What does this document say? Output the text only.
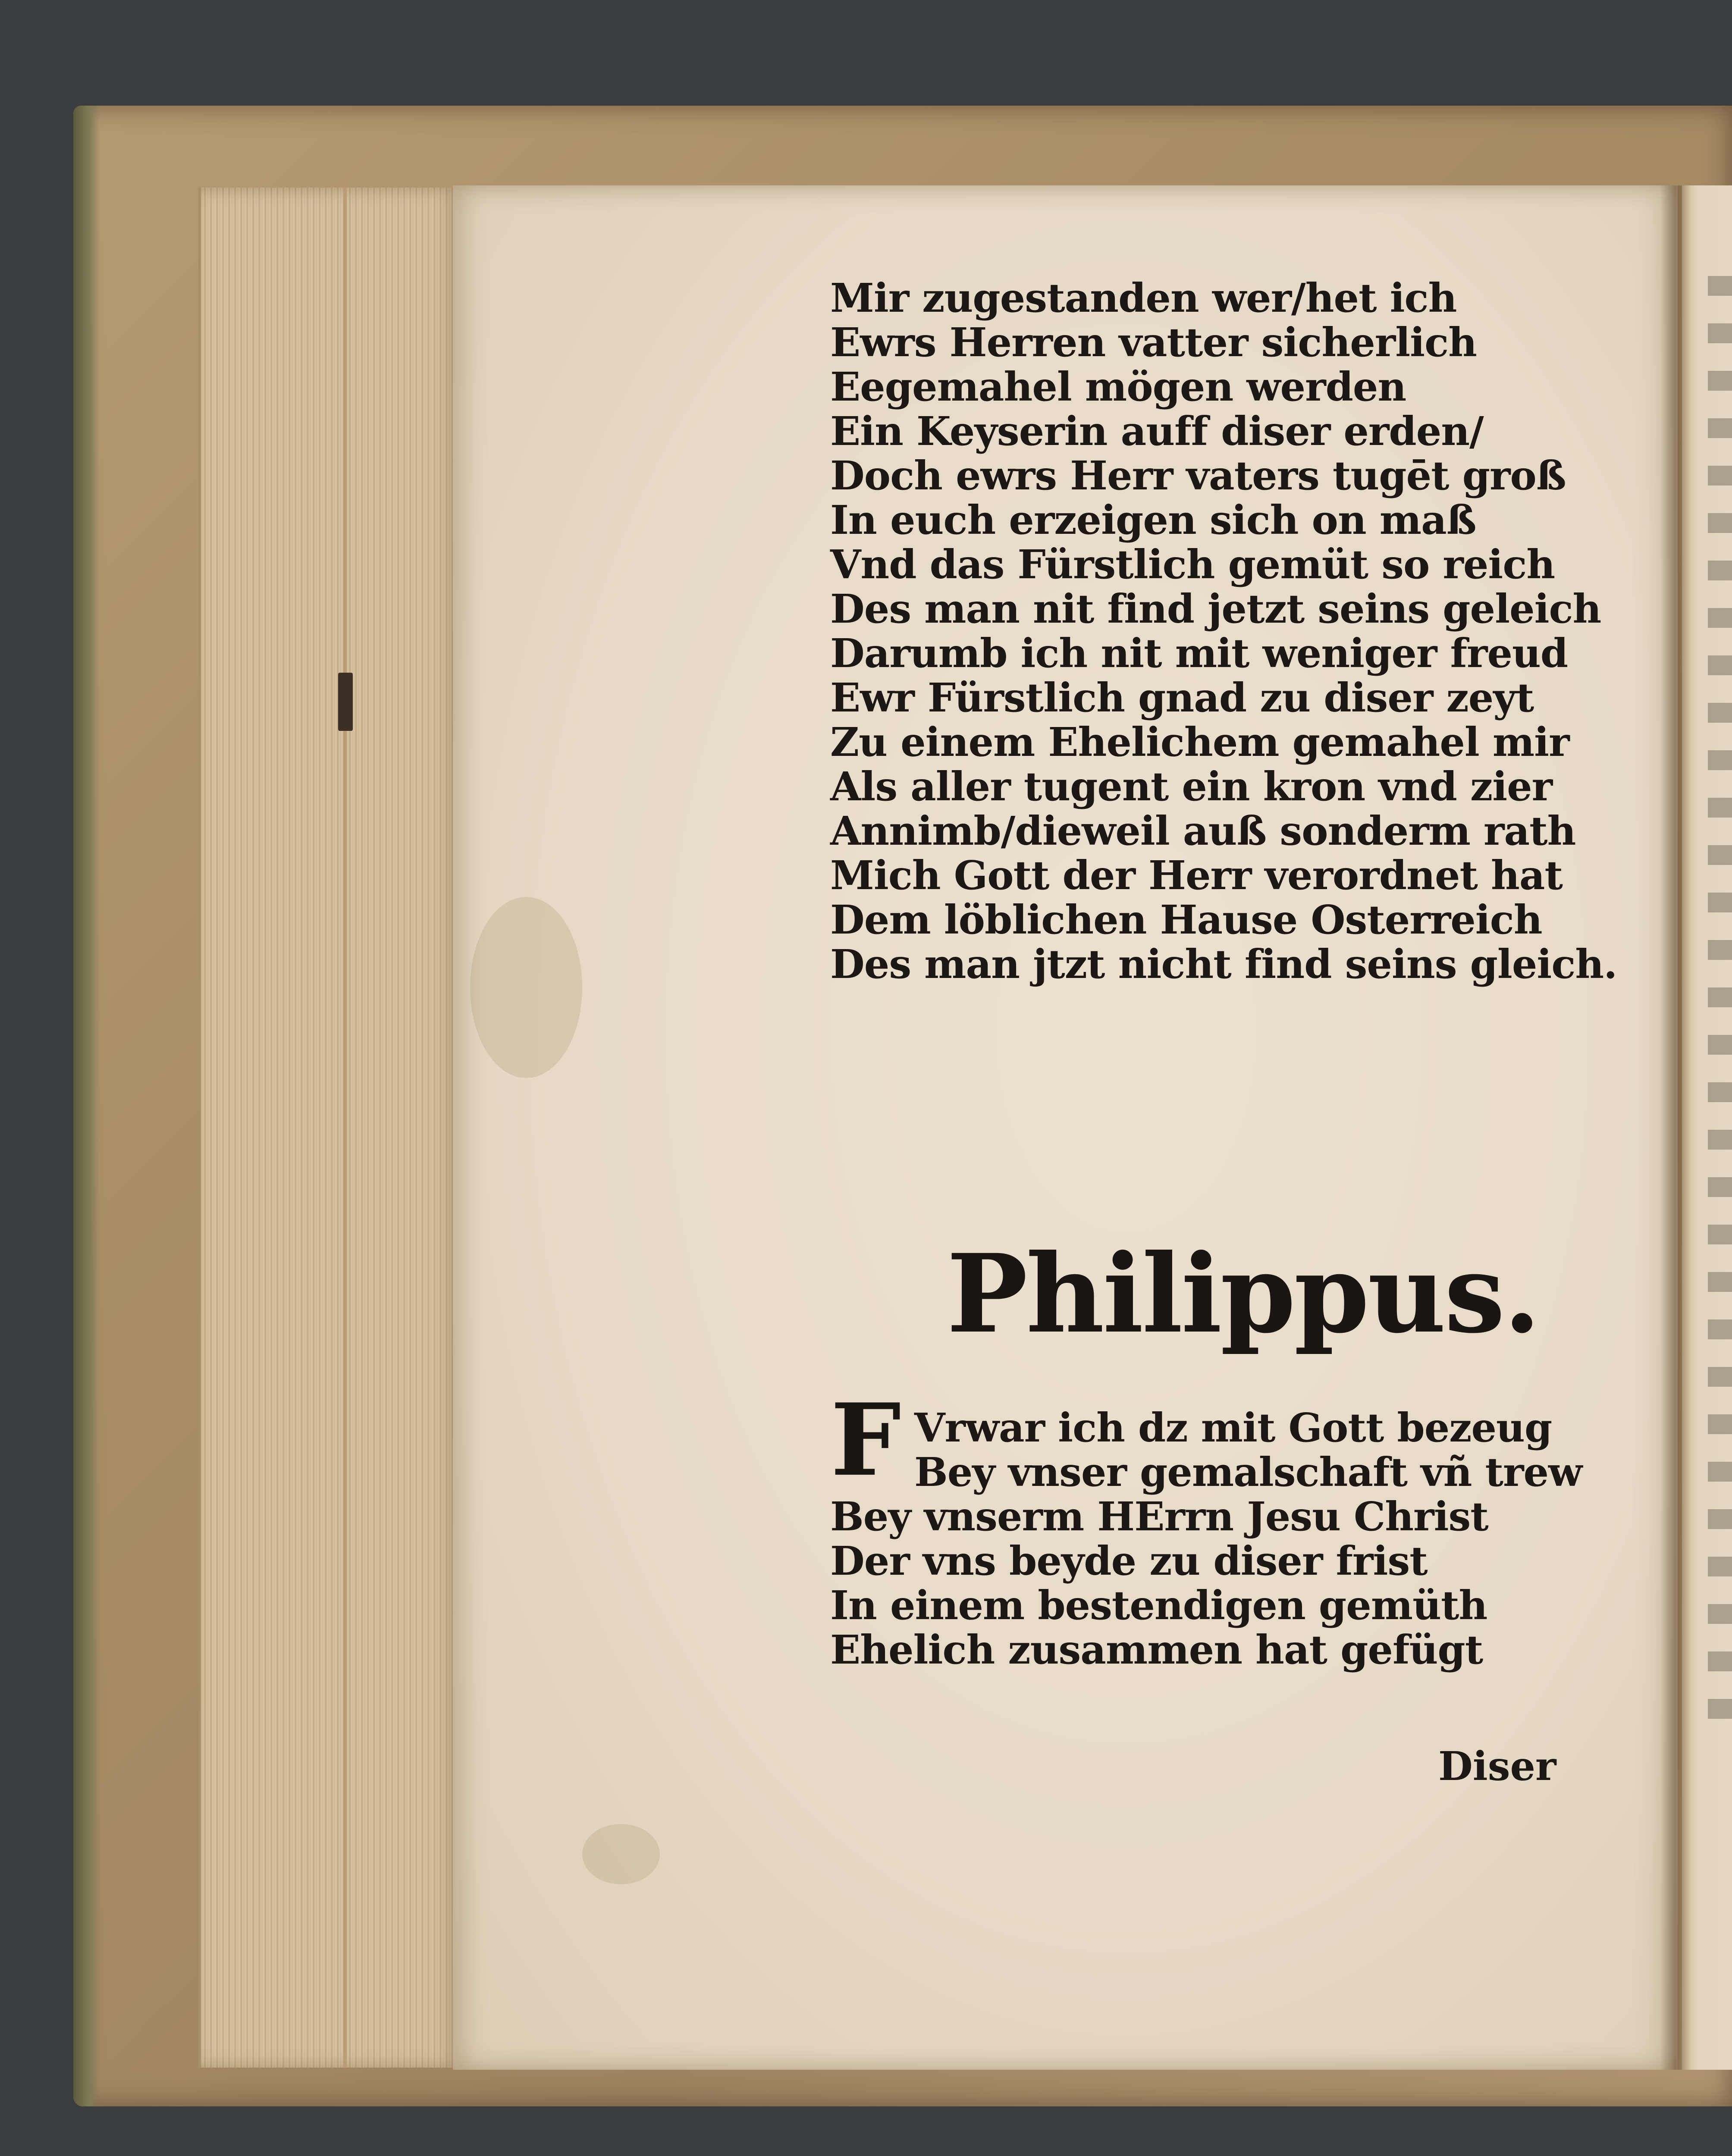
Mir zugestanden wer/het ich
Ewrs Herren vatter sicherlich
Eegemahel mögen werden
Ein Keyserin auff diser erden/
Doch ewrs Herr vaters tugēt groß
In euch erzeigen sich on maß
Vnd das Fürstlich gemüt so reich
Des man nit find jetzt seins geleich
Darumb ich nit mit weniger freud
Ewr Fürstlich gnad zu diser zeyt
Zu einem Ehelichem gemahel mir
Als aller tugent ein kron vnd zier
Annimb/dieweil auß sonderm rath
Mich Gott der Herr verordnet hat
Dem löblichen Hause Osterreich
Des man jtzt nicht find seins gleich.
Philippus.
F Vrwar ich dz mit Gott bezeug
Bey vnser gemalschaft vñ trew
Bey vnserm HErrn Jesu Christ
Der vns beyde zu diser frist
In einem bestendigen gemüth
Ehelich zusammen hat gefügt
Diser
